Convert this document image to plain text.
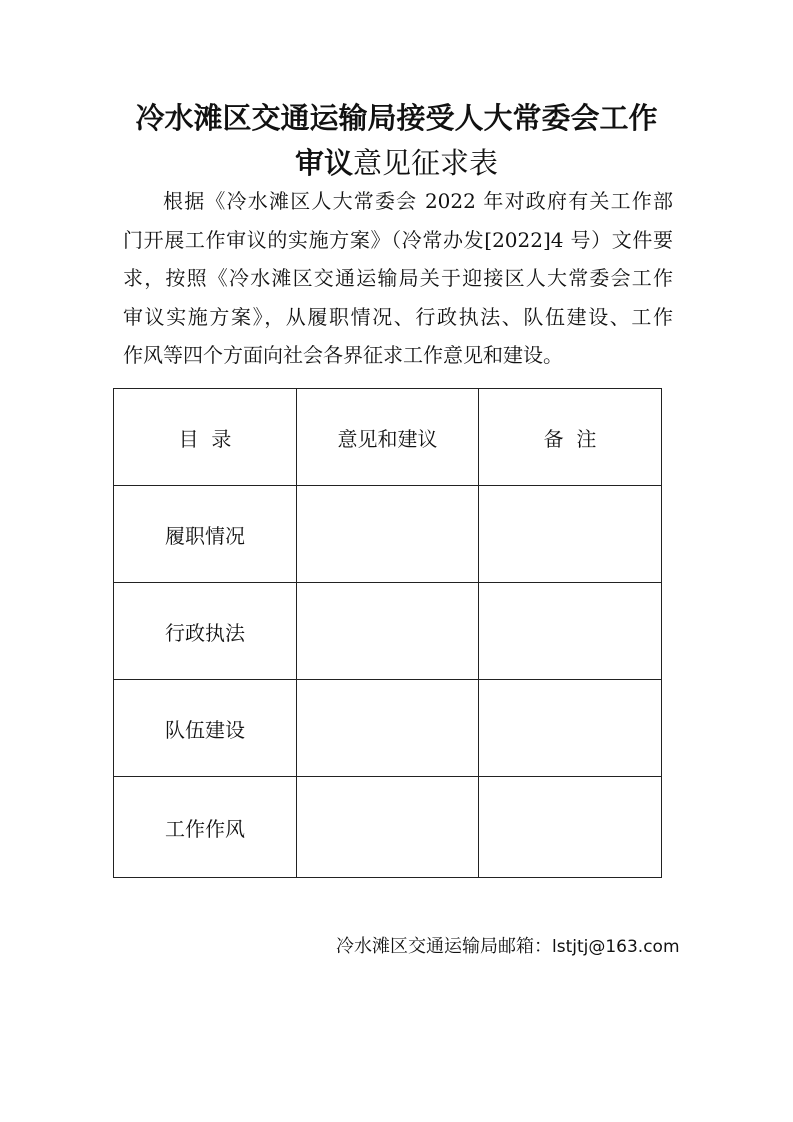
冷水滩区交通运输局接受人大常委会工作
审议意见征求表

根据《冷水滩区人大常委会 2022 年对政府有关工作部

门开展工作审议的实施方案》（冷常办发[2022]4 号）文件要

求，按照《冷水滩区交通运输局关于迎接区人大常委会工作

审议实施方案》，从履职情况、行政执法、队伍建设、工作

作风等四个方面向社会各界征求工作意见和建设。

目  录	意见和建议	备  注
履职情况		
行政执法		
队伍建设		
工作作风		
冷水滩区交通运输局邮箱：lstjtj@163.com
